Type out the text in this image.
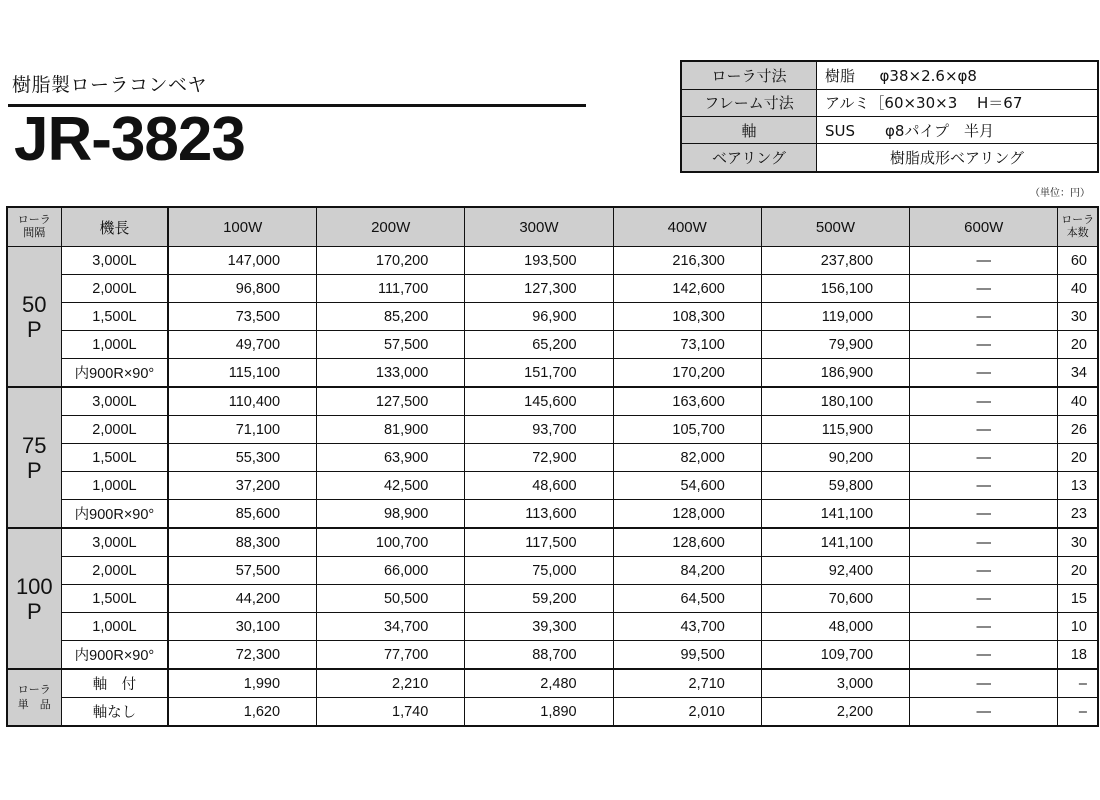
樹脂製ローラコンベヤ
JR-3823
ローラ寸法	樹脂　  φ38×2.6×φ8
フレーム寸法	アルミ［60×30×3　 H＝67
軸	SUS　　φ8パイプ　半月
ベアリング	樹脂成形ベアリング
（単位：円）
ローラ
間隔	機長	100W	200W	300W	400W	500W	600W	ローラ
本数
50
P	3,000L	147,000	170,200	193,500	216,300	237,800	—	60
	2,000L	96,800	111,700	127,300	142,600	156,100	—	40
	1,500L	73,500	85,200	96,900	108,300	119,000	—	30
	1,000L	49,700	57,500	65,200	73,100	79,900	—	20
	内900R×90°	115,100	133,000	151,700	170,200	186,900	—	34
75
P	3,000L	110,400	127,500	145,600	163,600	180,100	—	40
	2,000L	71,100	81,900	93,700	105,700	115,900	—	26
	1,500L	55,300	63,900	72,900	82,000	90,200	—	20
	1,000L	37,200	42,500	48,600	54,600	59,800	—	13
	内900R×90°	85,600	98,900	113,600	128,000	141,100	—	23
100
P	3,000L	88,300	100,700	117,500	128,600	141,100	—	30
	2,000L	57,500	66,000	75,000	84,200	92,400	—	20
	1,500L	44,200	50,500	59,200	64,500	70,600	—	15
	1,000L	30,100	34,700	39,300	43,700	48,000	—	10
	内900R×90°	72,300	77,700	88,700	99,500	109,700	—	18
ローラ
単　品	軸　付	1,990	2,210	2,480	2,710	3,000	—	–
	軸なし	1,620	1,740	1,890	2,010	2,200	—	–
